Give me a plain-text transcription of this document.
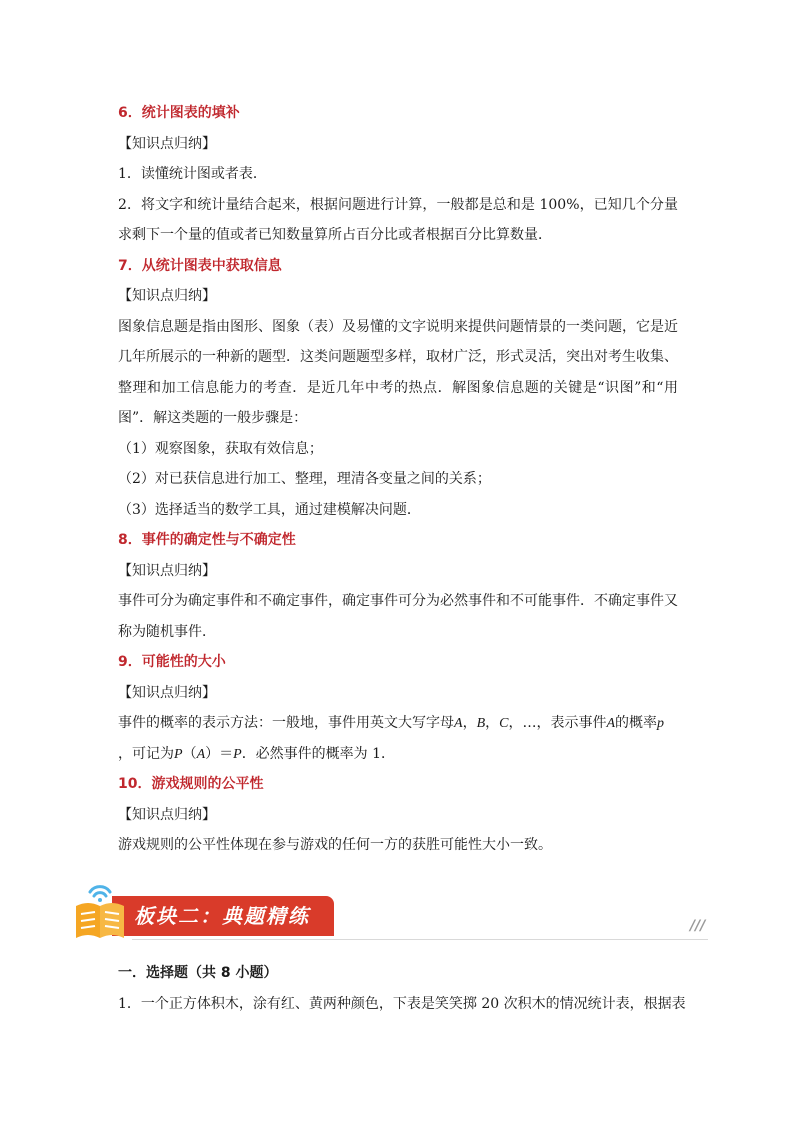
6．统计图表的填补
【知识点归纳】
1．读懂统计图或者表．
2．将文字和统计量结合起来，根据问题进行计算，一般都是总和是 100%，已知几个分量
求剩下一个量的值或者已知数量算所占百分比或者根据百分比算数量．
7．从统计图表中获取信息
【知识点归纳】
图象信息题是指由图形、图象（表）及易懂的文字说明来提供问题情景的一类问题，它是近
几年所展示的一种新的题型．这类问题题型多样，取材广泛，形式灵活，突出对考生收集、
整理和加工信息能力的考查．是近几年中考的热点．解图象信息题的关键是“识图”和“用
图”．解这类题的一般步骤是：
（1）观察图象，获取有效信息；
（2）对已获信息进行加工、整理，理清各变量之间的关系；
（3）选择适当的数学工具，通过建模解决问题．
8．事件的确定性与不确定性
【知识点归纳】
事件可分为确定事件和不确定事件，确定事件可分为必然事件和不可能事件．不确定事件又
称为随机事件．
9．可能性的大小
【知识点归纳】
事件的概率的表示方法：一般地，事件用英文大写字母A，B，C，…，表示事件A的概率p
，可记为P（A）＝P．必然事件的概率为 1．
10．游戏规则的公平性
【知识点归纳】
游戏规则的公平性体现在参与游戏的任何一方的获胜可能性大小一致。
板块二：典题精练	///
一．选择题（共 8 小题）
1．一个正方体积木，涂有红、黄两种颜色，下表是笑笑掷 20 次积木的情况统计表，根据表
